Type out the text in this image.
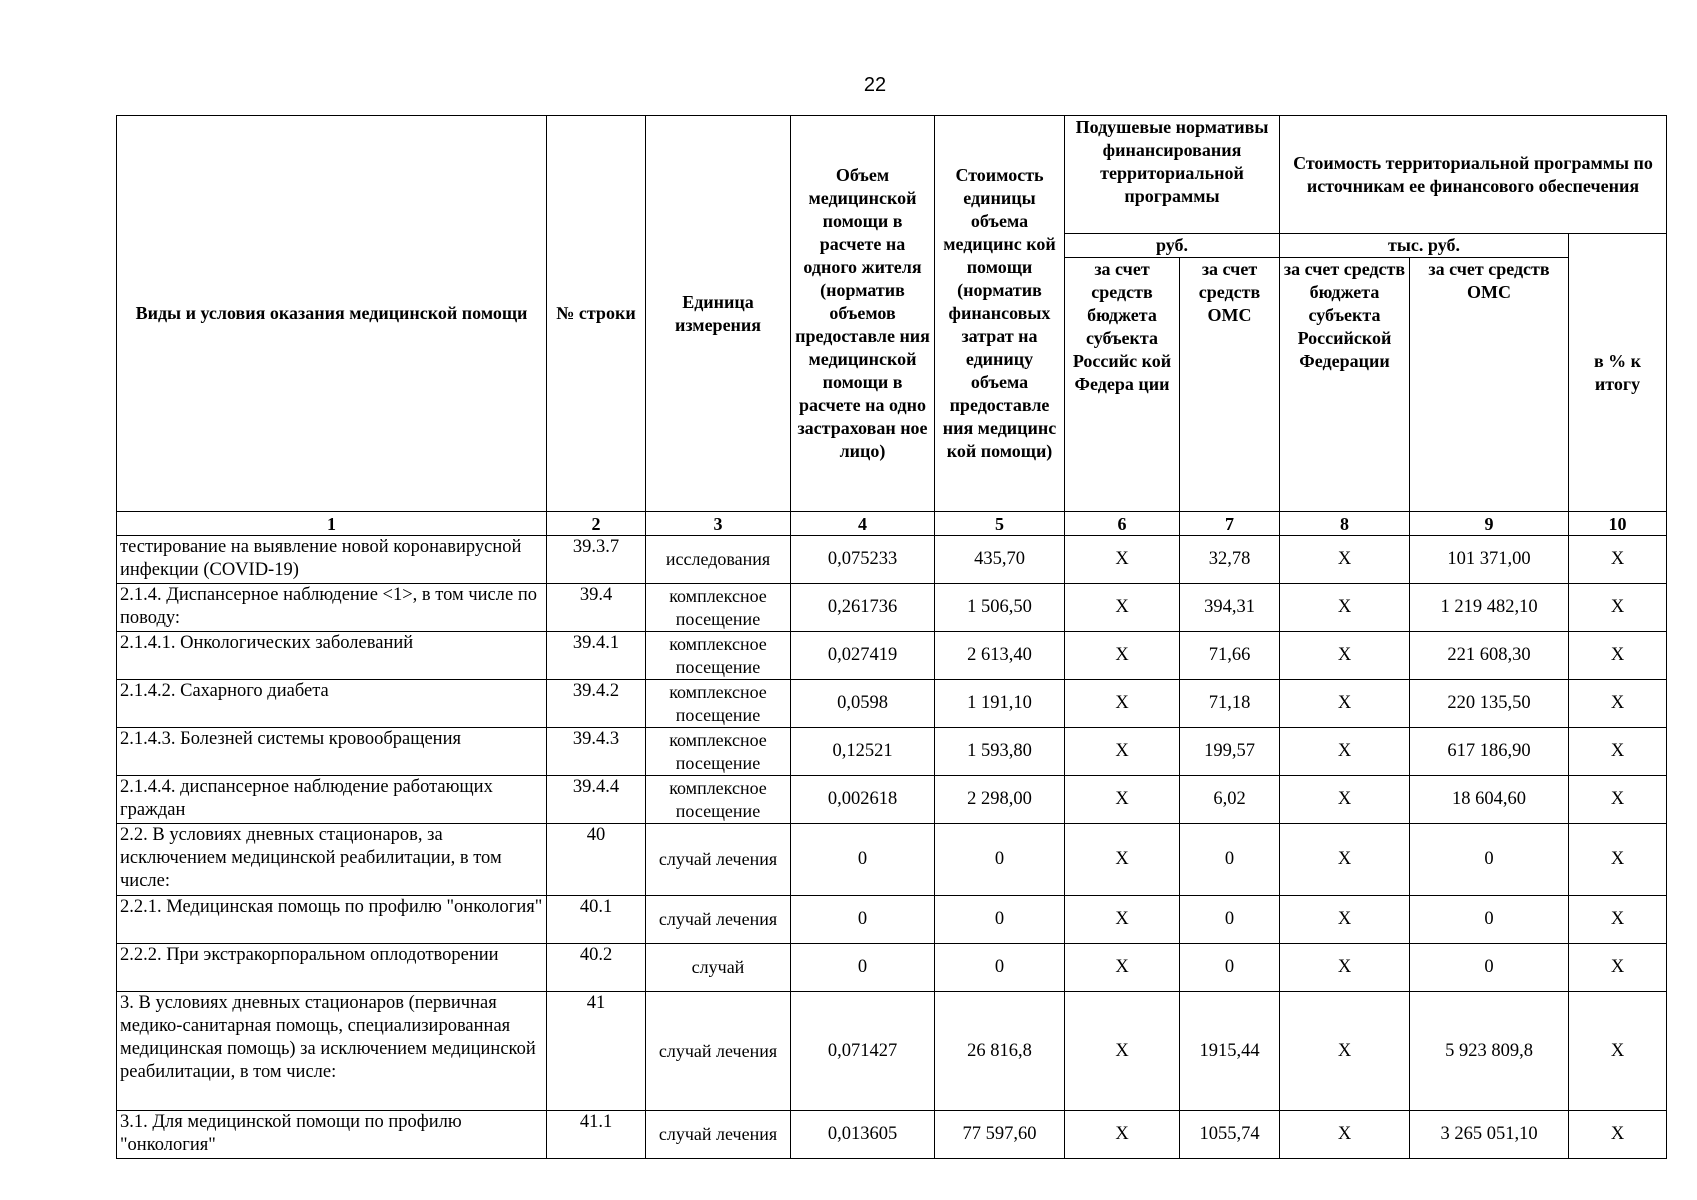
22
Виды и условия оказания медицинской помощи	№ строки	Единица измерения	Объем медицинской помощи в расчете на одного жителя (норматив объемов предоставле ния медицинской помощи в расчете на одно застрахован ное лицо)	Стоимость единицы объема медицинс кой помощи (норматив финансовых затрат на единицу объема предоставле ния медицинс кой помощи)	Подушевые нормативы финансирования территориальной программы		Стоимость территориальной программы по источникам ее финансового обеспечения		
					руб.		тыс. руб.		в % к итогу
					за счет средств бюджета субъекта Российс кой Федера ции	за счет средств ОМС	за счет средств бюджета субъекта Российской Федерации	за счет средств ОМС	
1	2	3	4	5	6	7	8	9	10
тестирование на выявление новой коронавирусной инфекции (COVID-19)	39.3.7	исследования	0,075233	435,70	X	32,78	X	101 371,00	X
2.1.4. Диспансерное наблюдение <1>, в том числе по поводу:	39.4	комплексное посещение	0,261736	1 506,50	X	394,31	X	1 219 482,10	X
2.1.4.1. Онкологических заболеваний	39.4.1	комплексное посещение	0,027419	2 613,40	X	71,66	X	221 608,30	X
2.1.4.2. Сахарного диабета	39.4.2	комплексное посещение	0,0598	1 191,10	X	71,18	X	220 135,50	X
2.1.4.3. Болезней системы кровообращения	39.4.3	комплексное посещение	0,12521	1 593,80	X	199,57	X	617 186,90	X
2.1.4.4. диспансерное наблюдение работающих граждан	39.4.4	комплексное посещение	0,002618	2 298,00	X	6,02	X	18 604,60	X
2.2. В условиях дневных стационаров, за исключением медицинской реабилитации, в том числе:	40	случай лечения	0	0	X	0	X	0	X
2.2.1. Медицинская помощь по профилю "онкология"	40.1	случай лечения	0	0	X	0	X	0	X
2.2.2. При экстракорпоральном оплодотворении	40.2	случай	0	0	X	0	X	0	X
3. В условиях дневных стационаров (первичная медико-санитарная помощь, специализированная медицинская помощь) за исключением медицинской реабилитации, в том числе:	41	случай лечения	0,071427	26 816,8	X	1915,44	X	5 923 809,8	X
3.1. Для медицинской помощи по профилю "онкология"	41.1	случай лечения	0,013605	77 597,60	X	1055,74	X	3 265 051,10	X
